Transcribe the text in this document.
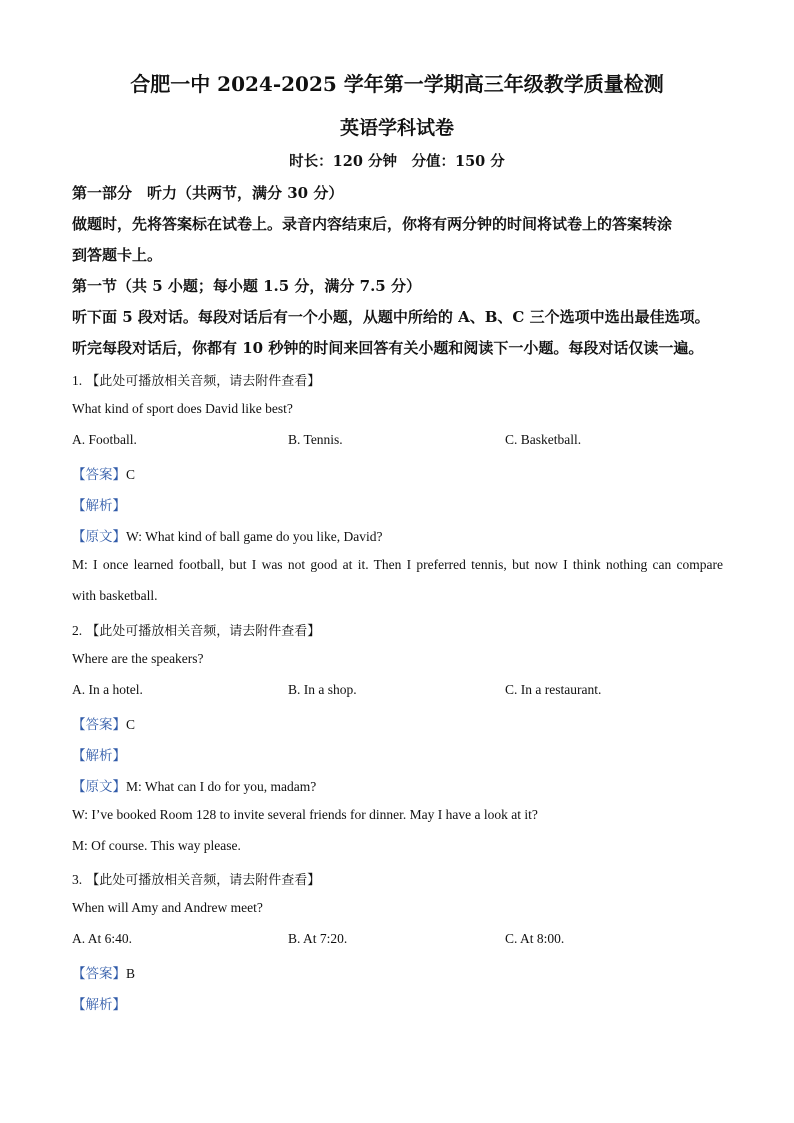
合肥一中 2024-2025 学年第一学期高三年级教学质量检测
英语学科试卷
时长：120 分钟　分值：150 分
第一部分　听力（共两节，满分 30 分）
做题时，先将答案标在试卷上。录音内容结束后，你将有两分钟的时间将试卷上的答案转涂
到答题卡上。
第一节（共 5 小题；每小题 1.5 分，满分 7.5 分）
听下面 5 段对话。每段对话后有一个小题，从题中所给的 A、B、C 三个选项中选出最佳选项。
听完每段对话后，你都有 10 秒钟的时间来回答有关小题和阅读下一小题。每段对话仅读一遍。
1. 【此处可播放相关音频，请去附件查看】
What kind of sport does David like best?
A. Football.	B. Tennis.	C. Basketball.
【答案】C
【解析】
【原文】W: What kind of ball game do you like, David?
M: I once learned football, but I was not good at it. Then I preferred tennis, but now I think nothing can compare
with basketball.
2. 【此处可播放相关音频，请去附件查看】
Where are the speakers?
A. In a hotel.	B. In a shop.	C. In a restaurant.
【答案】C
【解析】
【原文】M: What can I do for you, madam?
W: I’ve booked Room 128 to invite several friends for dinner. May I have a look at it?
M: Of course. This way please.
3. 【此处可播放相关音频，请去附件查看】
When will Amy and Andrew meet?
A. At 6:40.	B. At 7:20.	C. At 8:00.
【答案】B
【解析】
